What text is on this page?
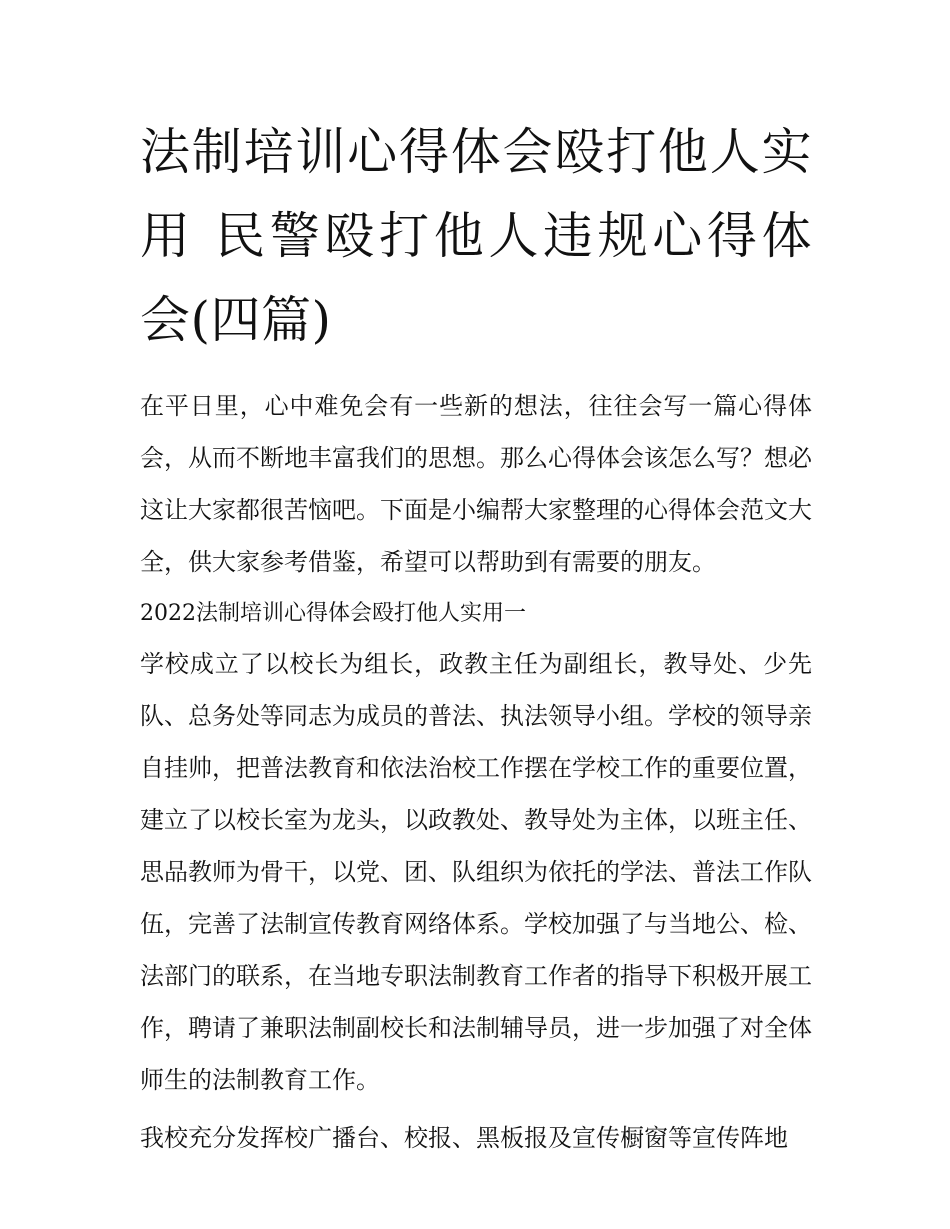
法制培训心得体会殴打他人实用 民警殴打他人违规心得体会(四篇)

在平日里，心中难免会有一些新的想法，往往会写一篇心得体会，从而不断地丰富我们的思想。那么心得体会该怎么写？想必这让大家都很苦恼吧。下面是小编帮大家整理的心得体会范文大全，供大家参考借鉴，希望可以帮助到有需要的朋友。

2022法制培训心得体会殴打他人实用一

学校成立了以校长为组长，政教主任为副组长，教导处、少先队、总务处等同志为成员的普法、执法领导小组。学校的领导亲自挂帅，把普法教育和依法治校工作摆在学校工作的重要位置，建立了以校长室为龙头，以政教处、教导处为主体，以班主任、思品教师为骨干，以党、团、队组织为依托的学法、普法工作队伍，完善了法制宣传教育网络体系。学校加强了与当地公、检、法部门的联系，在当地专职法制教育工作者的指导下积极开展工作，聘请了兼职法制副校长和法制辅导员，进一步加强了对全体师生的法制教育工作。

我校充分发挥校广播台、校报、黑板报及宣传橱窗等宣传阵地
